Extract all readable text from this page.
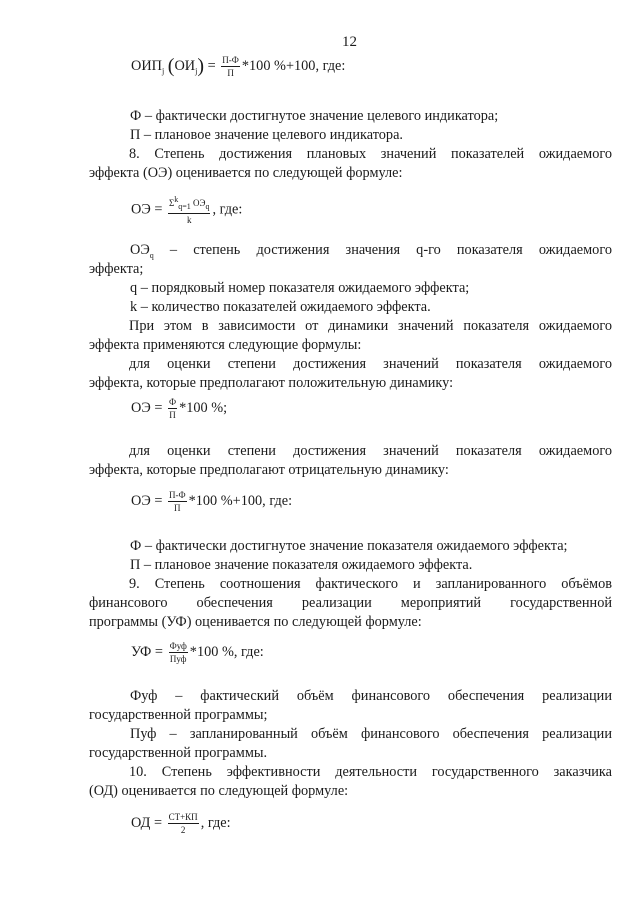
12
$ОИП_j$ $(ОИ_j) = \frac{П-Ф}{П} *100$ %+100, где:
Ф – фактически достигнутое значение целевого индикатора;
П – плановое значение целевого индикатора.
8. Степень достижения плановых значений показателей ожидаемого
эффекта (ОЭ) оценивается по следующей формуле:
ОЭ = $\frac{\Sigma^k_{q=1} ОЭ_q}{k}$ , где:
$ОЭ_q$ – степень достижения значения q-го показателя ожидаемого
эффекта;
q – порядковый номер показателя ожидаемого эффекта;
k – количество показателей ожидаемого эффекта.
При этом в зависимости от динамики значений показателя ожидаемого
эффекта применяются следующие формулы:
для оценки степени достижения значений показателя ожидаемого
эффекта, которые предполагают положительную динамику:
ОЭ = $\frac{Ф}{П} *100$ %;
для оценки степени достижения значений показателя ожидаемого
эффекта, которые предполагают отрицательную динамику:
ОЭ = $\frac{П-Ф}{П} *100$ %+100, где:
Ф – фактически достигнутое значение показателя ожидаемого эффекта;
П – плановое значение показателя ожидаемого эффекта.
9. Степень соотношения фактического и запланированного объёмов
финансового обеспечения реализации мероприятий государственной
программы (УФ) оценивается по следующей формуле:
УФ = $\frac{\text{Фуф}}{\text{Пуф}} *100$ %, где:
Фуф – фактический объём финансового обеспечения реализации
государственной программы;
Пуф – запланированный объём финансового обеспечения реализации
государственной программы.
10. Степень эффективности деятельности государственного заказчика
(ОД) оценивается по следующей формуле:
ОД = $\frac{СТ+КП}{2}$ , где:
